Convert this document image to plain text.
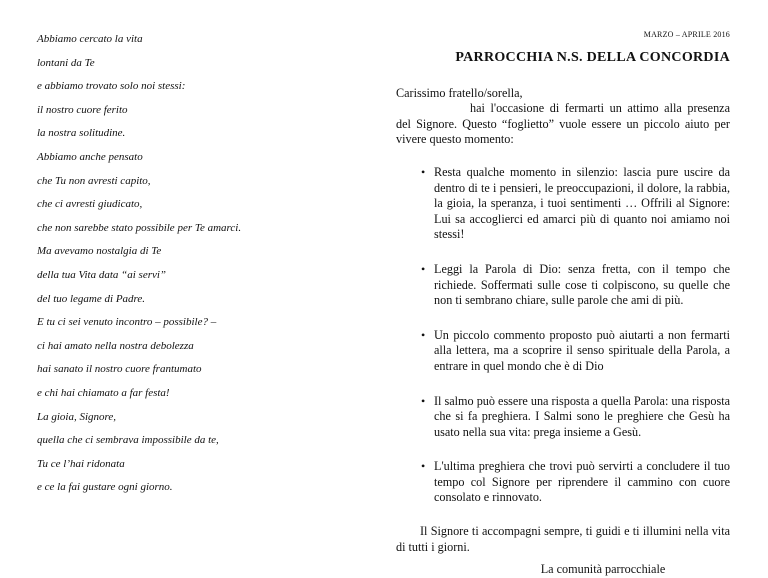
Abbiamo cercato la vita
lontani da Te
e abbiamo trovato solo noi stessi:
il nostro cuore ferito
la nostra solitudine.
Abbiamo anche pensato
che Tu non avresti capito,
che ci avresti giudicato,
che non sarebbe stato possibile per Te amarci.
Ma avevamo nostalgia di Te
della tua Vita data “ai servi”
del tuo legame di Padre.
E tu ci sei venuto incontro – possibile? –
ci hai amato nella nostra debolezza
hai sanato il nostro cuore frantumato
e chi hai chiamato a far festa!
La gioia, Signore,
quella che ci sembrava impossibile da te,
Tu ce l’hai ridonata
e ce la fai gustare ogni giorno.
MARZO – APRILE 2016
PARROCCHIA N.S. DELLA CONCORDIA
Carissimo fratello/sorella,
hai l'occasione di fermarti un attimo alla presenza del Signore. Questo “foglietto” vuole essere un piccolo aiuto per vivere questo momento:
• Resta qualche momento in silenzio: lascia pure uscire da dentro di te i pensieri, le preoccupazioni, il dolore, la rabbia, la gioia, la speranza, i tuoi sentimenti … Offrili al Signore: Lui sa accoglierci ed amarci più di quanto noi amiamo noi stessi!
• Leggi la Parola di Dio: senza fretta, con il tempo che richiede. Soffermati sulle cose ti colpiscono, su quelle che non ti sembrano chiare, sulle parole che ami di più.
• Un piccolo commento proposto può aiutarti a non fermarti alla lettera, ma a scoprire il senso spirituale della Parola, a entrare in quel mondo che è di Dio
• Il salmo può essere una risposta a quella Parola: una risposta che si fa preghiera. I Salmi sono le preghiere che Gesù ha usato nella sua vita: prega insieme a Gesù.
• L'ultima preghiera che trovi può servirti a concludere il tuo tempo col Signore per riprendere il cammino con cuore consolato e rinnovato.
Il Signore ti accompagni sempre, ti guidi e ti illumini nella vita di tutti i giorni.
La comunità parrocchiale
